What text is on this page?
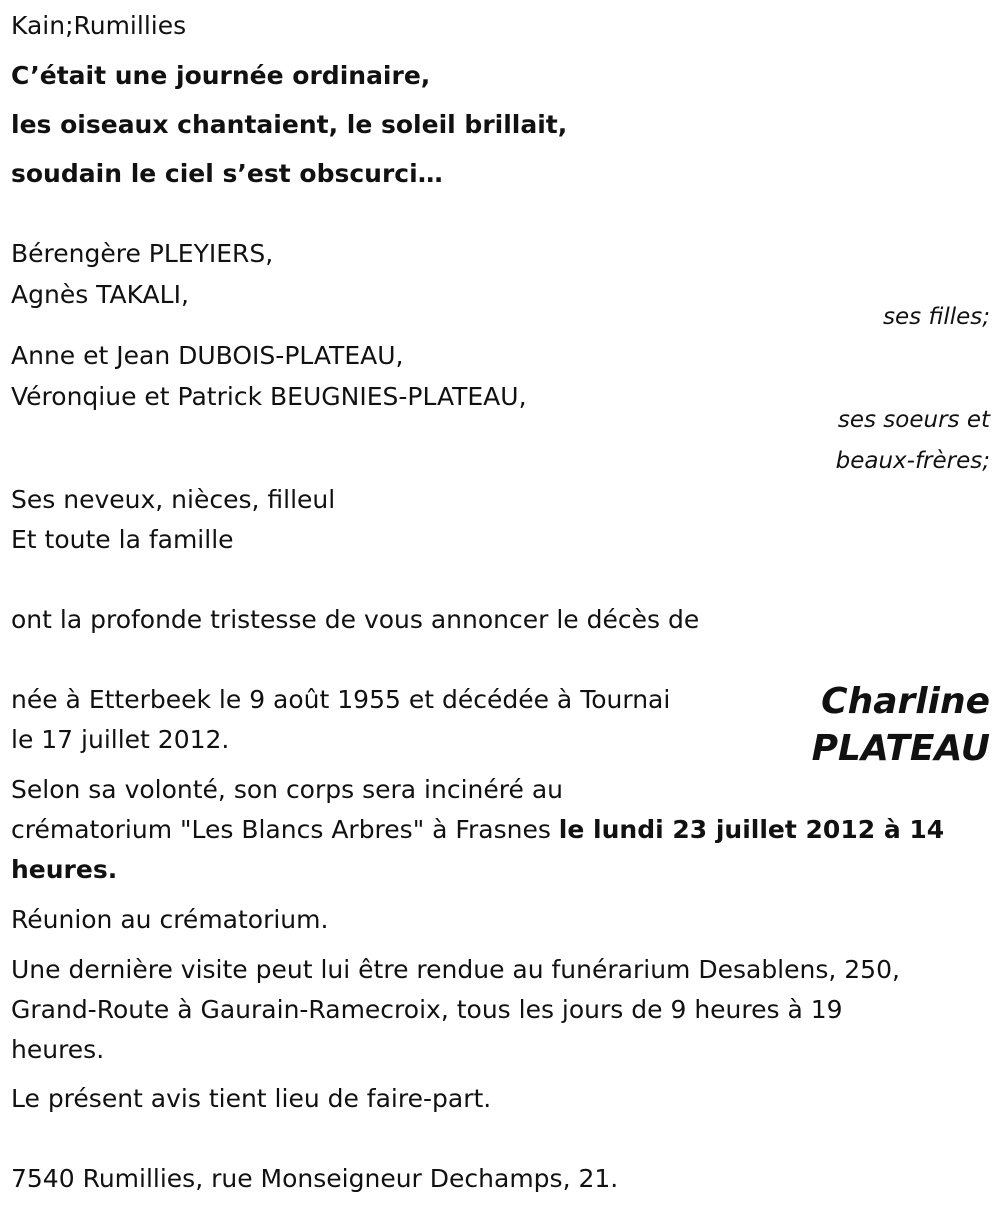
Kain;Rumillies
C’était une journée ordinaire,
les oiseaux chantaient, le soleil brillait,
soudain le ciel s’est obscurci…
Bérengère PLEYIERS,
Agnès TAKALI,
ses filles;
Anne et Jean DUBOIS-PLATEAU,
Véronqiue et Patrick BEUGNIES-PLATEAU,
ses soeurs et
beaux-frères;
Ses neveux, nièces, filleul
Et toute la famille
ont la profonde tristesse de vous annoncer le décès de
Charline
PLATEAU
née à Etterbeek le 9 août 1955 et décédée à Tournai
le 17 juillet 2012.
Selon sa volonté, son corps sera incinéré au
crématorium "Les Blancs Arbres" à Frasnes le lundi 23 juillet 2012 à 14
heures.
Réunion au crématorium.
Une dernière visite peut lui être rendue au funérarium Desablens, 250,
Grand-Route à Gaurain-Ramecroix, tous les jours de 9 heures à 19
heures.
Le présent avis tient lieu de faire-part.
7540 Rumillies, rue Monseigneur Dechamps, 21.
